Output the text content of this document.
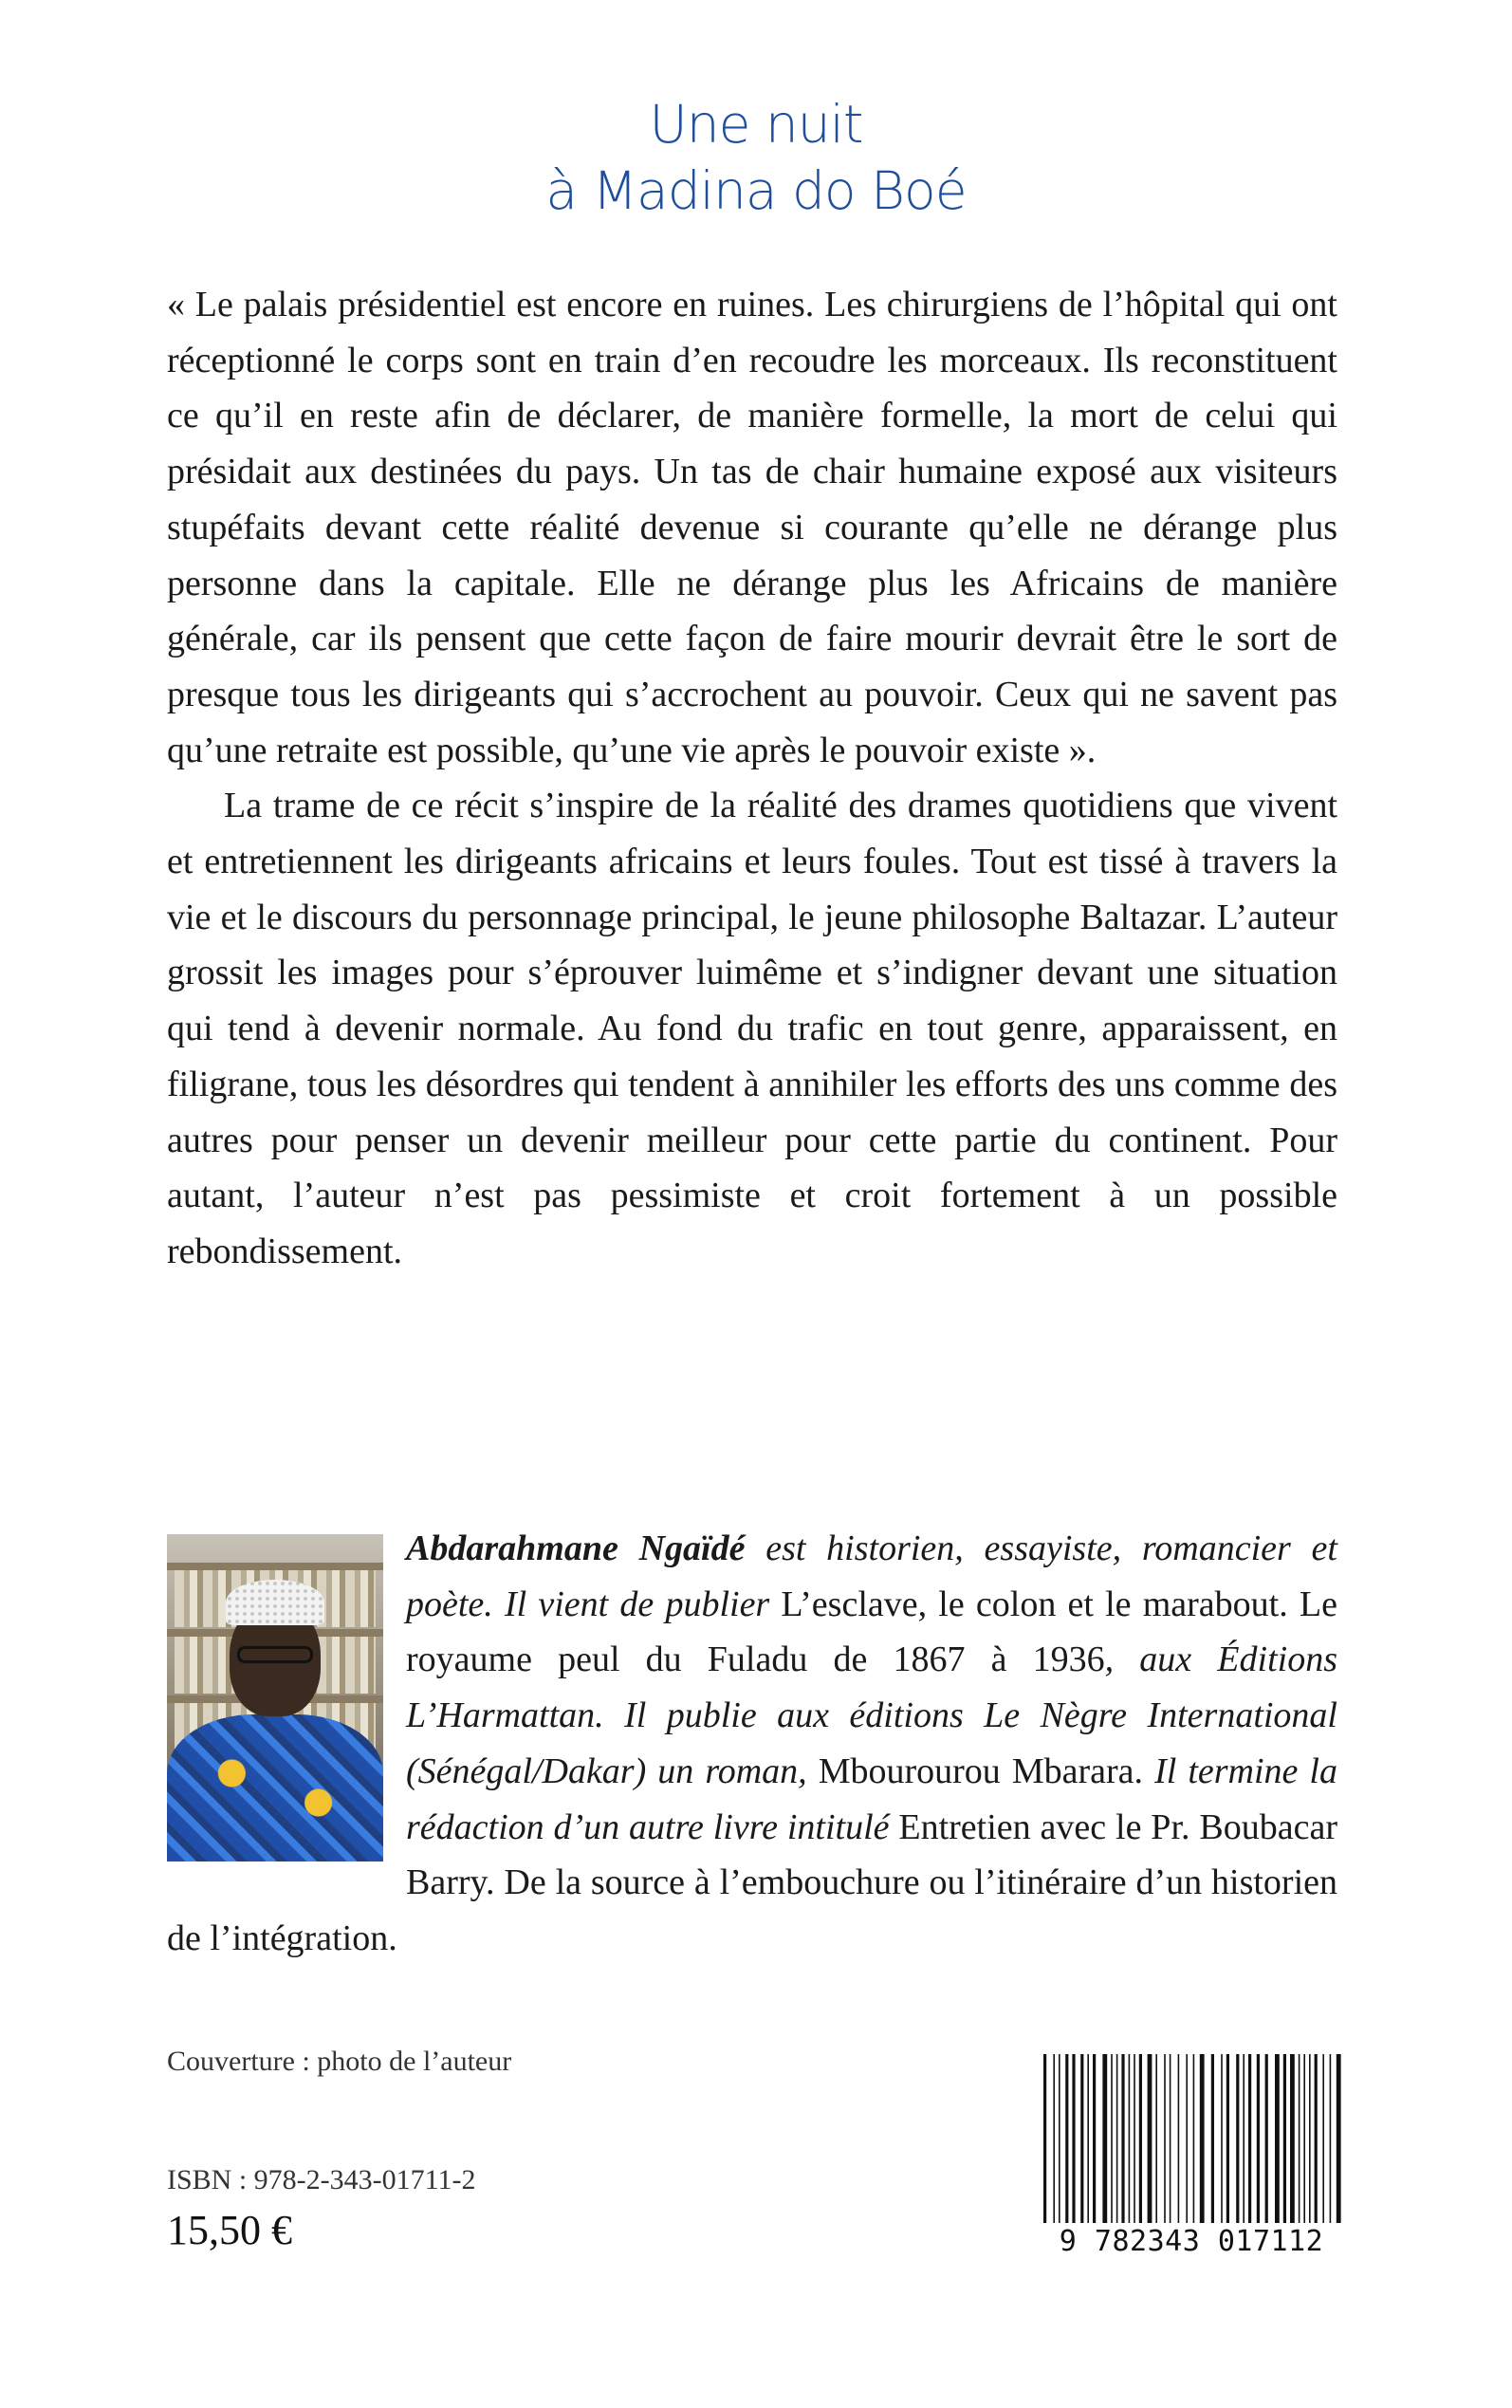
Une nuit
à Madina do Boé

« Le palais présidentiel est encore en ruines. Les chirurgiens de l’hôpital qui ont réceptionné le corps sont en train d’en recoudre les morceaux. Ils reconstituent ce qu’il en reste afin de déclarer, de manière formelle, la mort de celui qui présidait aux destinées du pays. Un tas de chair humaine exposé aux visiteurs stupéfaits devant cette réalité devenue si courante qu’elle ne dérange plus personne dans la capitale. Elle ne dérange plus les Africains de manière générale, car ils pensent que cette façon de faire mourir devrait être le sort de presque tous les dirigeants qui s’accrochent au pouvoir. Ceux qui ne savent pas qu’une retraite est possible, qu’une vie après le pouvoir existe ».

La trame de ce récit s’inspire de la réalité des drames quotidiens que vivent et entretiennent les dirigeants africains et leurs foules. Tout est tissé à travers la vie et le discours du personnage principal, le jeune philosophe Baltazar. L’auteur grossit les images pour s’éprouver luimême et s’indigner devant une situation qui tend à devenir normale. Au fond du trafic en tout genre, apparaissent, en filigrane, tous les désordres qui tendent à annihiler les efforts des uns comme des autres pour penser un devenir meilleur pour cette partie du continent. Pour autant, l’auteur n’est pas pessimiste et croit fortement à un possible rebondissement.

Abdarahmane Ngaïdé est historien, essayiste, romancier et poète. Il vient de publier L’esclave, le colon et le marabout. Le royaume peul du Fuladu de 1867 à 1936, aux Éditions L’Harmattan. Il publie aux éditions Le Nègre International (Sénégal/Dakar) un roman, Mbourourou Mbarara. Il termine la rédaction d’un autre livre intitulé Entretien avec le Pr. Boubacar Barry. De la source à l’embouchure ou l’itinéraire d’un historien de l’intégration.
Couverture : photo de l’auteur
ISBN : 978-2-343-01711-2
15,50 €	9 782343 017112
